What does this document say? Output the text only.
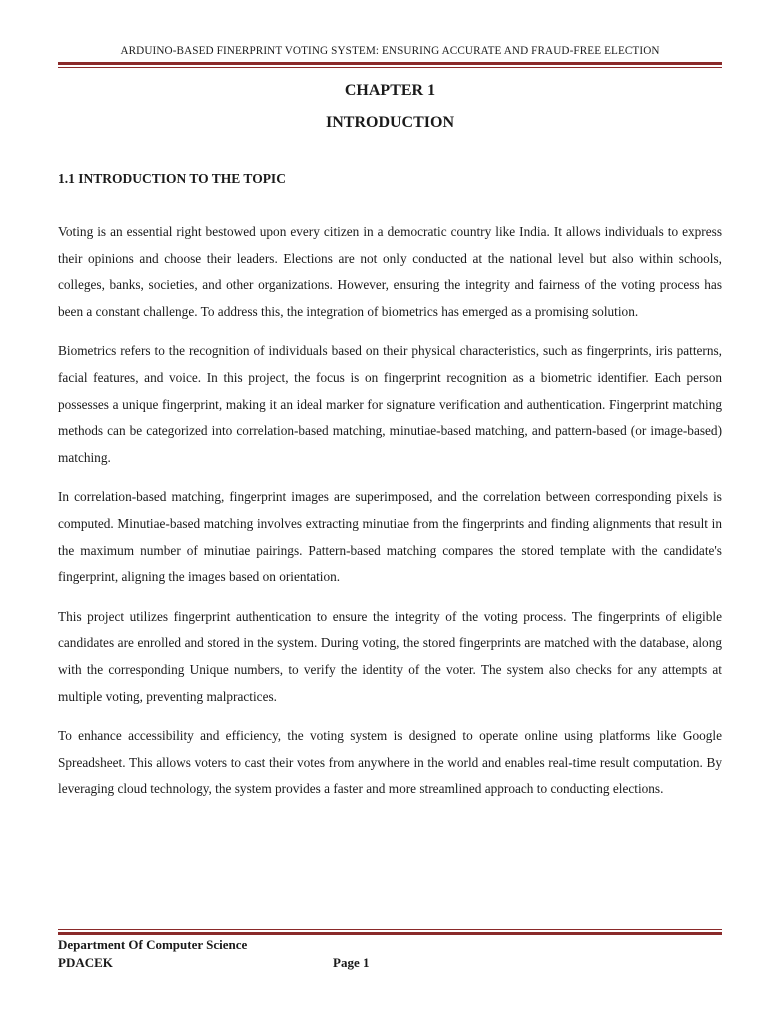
ARDUINO-BASED FINERPRINT VOTING SYSTEM: ENSURING ACCURATE AND FRAUD-FREE ELECTION
CHAPTER 1
INTRODUCTION
1.1 INTRODUCTION TO THE TOPIC

Voting is an essential right bestowed upon every citizen in a democratic country like India. It allows individuals to express their opinions and choose their leaders. Elections are not only conducted at the national level but also within schools, colleges, banks, societies, and other organizations. However, ensuring the integrity and fairness of the voting process has been a constant challenge. To address this, the integration of biometrics has emerged as a promising solution.

Biometrics refers to the recognition of individuals based on their physical characteristics, such as fingerprints, iris patterns, facial features, and voice. In this project, the focus is on fingerprint recognition as a biometric identifier. Each person possesses a unique fingerprint, making it an ideal marker for signature verification and authentication. Fingerprint matching methods can be categorized into correlation-based matching, minutiae-based matching, and pattern-based (or image-based) matching.

In correlation-based matching, fingerprint images are superimposed, and the correlation between corresponding pixels is computed. Minutiae-based matching involves extracting minutiae from the fingerprints and finding alignments that result in the maximum number of minutiae pairings. Pattern-based matching compares the stored template with the candidate's fingerprint, aligning the images based on orientation.

This project utilizes fingerprint authentication to ensure the integrity of the voting process. The fingerprints of eligible candidates are enrolled and stored in the system. During voting, the stored fingerprints are matched with the database, along with the corresponding Unique numbers, to verify the identity of the voter. The system also checks for any attempts at multiple voting, preventing malpractices.

To enhance accessibility and efficiency, the voting system is designed to operate online using platforms like Google Spreadsheet. This allows voters to cast their votes from anywhere in the world and enables real-time result computation. By leveraging cloud technology, the system provides a faster and more streamlined approach to conducting elections.

Department Of Computer Science
PDACEK	Page 1
